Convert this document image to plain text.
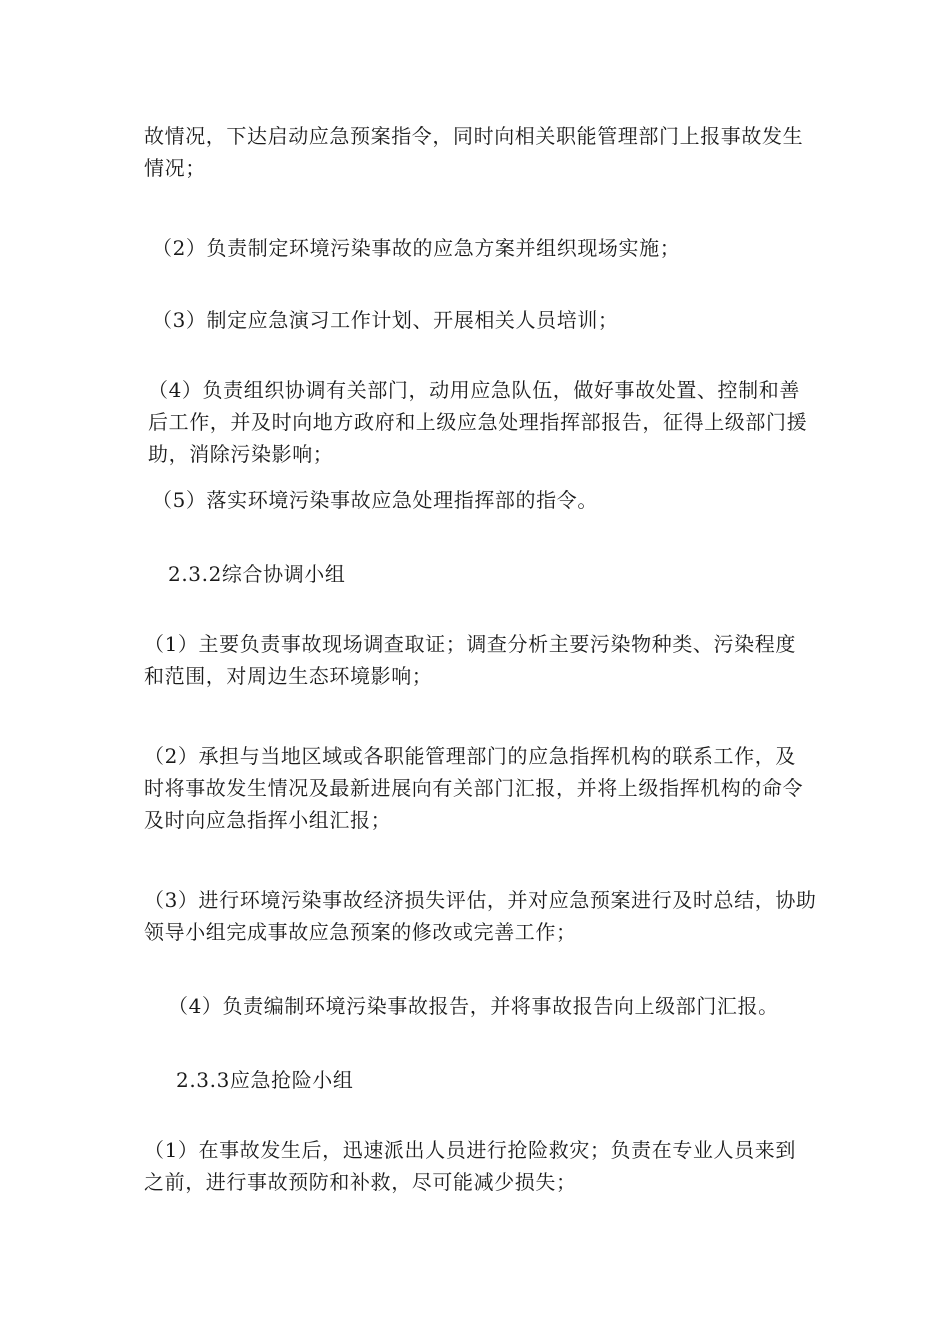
故情况，下达启动应急预案指令，同时向相关职能管理部门上报事故发生情况；

（2）负责制定环境污染事故的应急方案并组织现场实施；

（3）制定应急演习工作计划、开展相关人员培训；

（4）负责组织协调有关部门，动用应急队伍，做好事故处置、控制和善后工作，并及时向地方政府和上级应急处理指挥部报告，征得上级部门援助，消除污染影响；

（5）落实环境污染事故应急处理指挥部的指令。

2.3.2综合协调小组

（1）主要负责事故现场调查取证；调查分析主要污染物种类、污染程度和范围，对周边生态环境影响；

（2）承担与当地区域或各职能管理部门的应急指挥机构的联系工作，及时将事故发生情况及最新进展向有关部门汇报，并将上级指挥机构的命令及时向应急指挥小组汇报；

（3）进行环境污染事故经济损失评估，并对应急预案进行及时总结，协助领导小组完成事故应急预案的修改或完善工作；

（4）负责编制环境污染事故报告，并将事故报告向上级部门汇报。

2.3.3应急抢险小组

（1）在事故发生后，迅速派出人员进行抢险救灾；负责在专业人员来到之前，进行事故预防和补救，尽可能减少损失；
